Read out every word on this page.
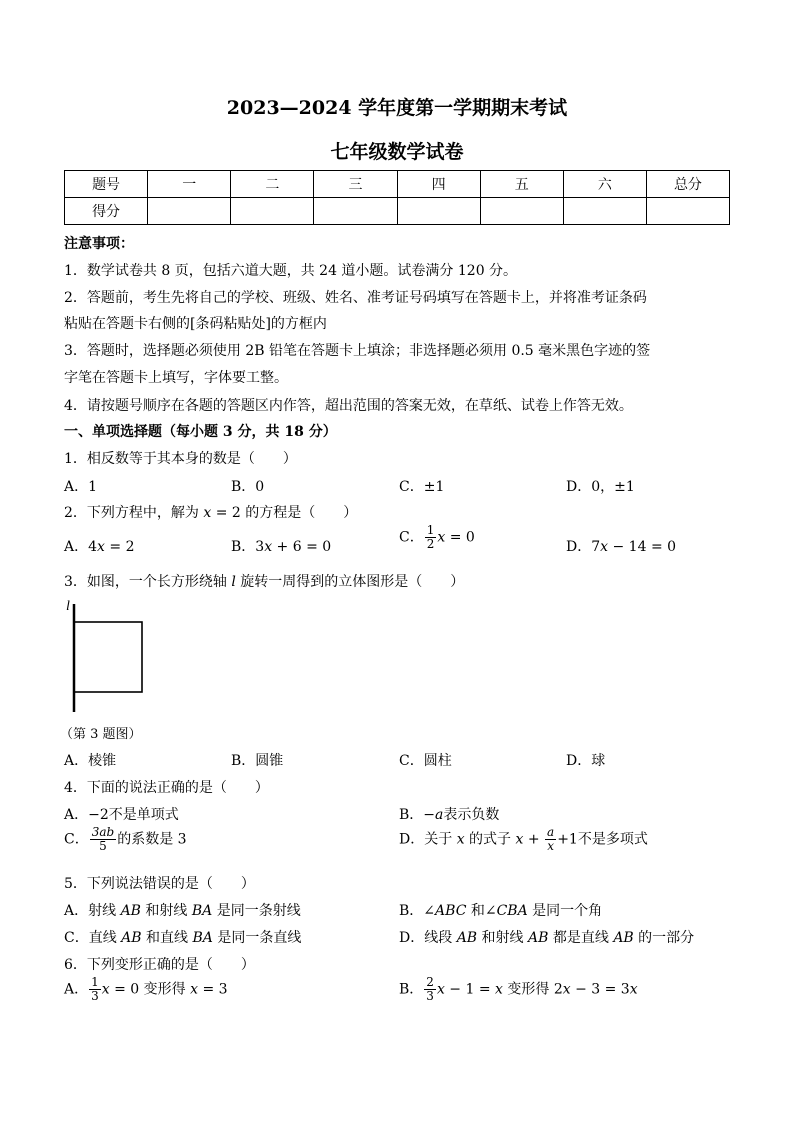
2023—2024 学年度第一学期期末考试
七年级数学试卷
题号	一	二	三	四	五	六	总分
得分							
注意事项：
1．数学试卷共 8 页，包括六道大题，共 24 道小题。试卷满分 120 分。
2．答题前，考生先将自己的学校、班级、姓名、准考证号码填写在答题卡上，并将准考证条码
粘贴在答题卡右侧的[条码粘贴处]的方框内
3．答题时，选择题必须使用 2B 铅笔在答题卡上填涂；非选择题必须用 0.5 毫米黑色字迹的签
字笔在答题卡上填写，字体要工整。
4．请按题号顺序在各题的答题区内作答，超出范围的答案无效，在草纸、试卷上作答无效。
一、单项选择题（每小题 3 分，共 18 分）
1．相反数等于其本身的数是（　　）
A．1	B．0	C．±1	D．0，±1
2．下列方程中，解为 x = 2 的方程是（　　）
A．4x = 2	B．3x + 6 = 0
C． $\frac{1}{2}$ x = 0
D．7x − 14 = 0
3．如图，一个长方形绕轴 l 旋转一周得到的立体图形是（　　）
l
（第 3 题图）
A．棱锥	B．圆锥	C．圆柱	D．球
4．下面的说法正确的是（　　）
A．−2不是单项式	B．−a表示负数
C． $\frac{3ab}{5}$ 的系数是 3	D．关于 x 的式子 $x + \frac{a}{x} +1$不是多项式
5．下列说法错误的是（　　）
A．射线 AB 和射线 BA 是同一条射线	B．∠ABC 和∠CBA 是同一个角
C．直线 AB 和直线 BA 是同一条直线	D．线段 AB 和射线 AB 都是直线 AB 的一部分
6．下列变形正确的是（　　）
A． $\frac{1}{3}$ x = 0 变形得 x = 3	B． $\frac{2}{3}$ x − 1 = x 变形得 2x − 3 = 3x
